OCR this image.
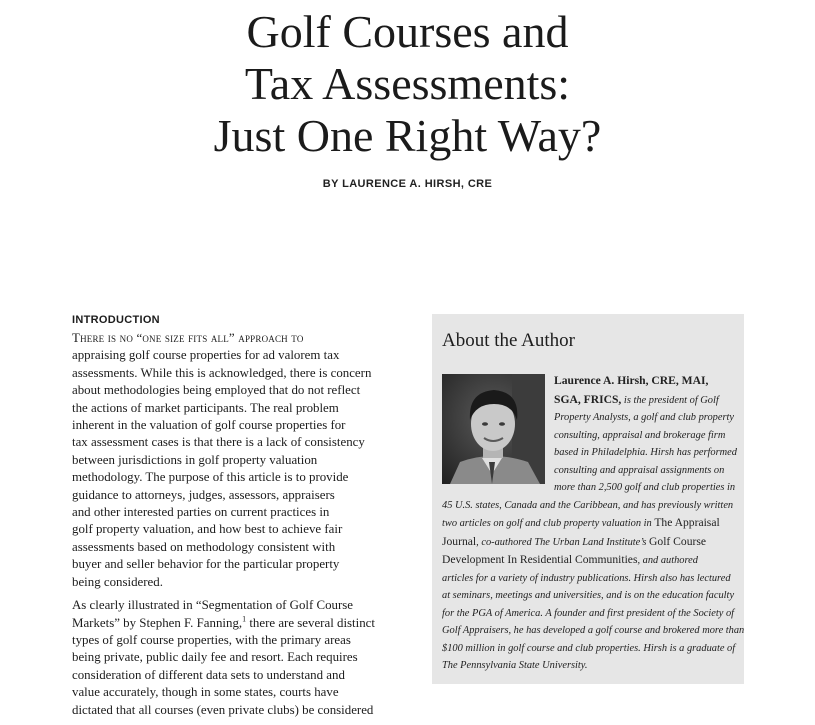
Golf Courses and
Tax Assessments:
Just One Right Way?
BY LAURENCE A. HIRSH, CRE
INTRODUCTION
There is no “one size fits all” approach to
appraising golf course properties for ad valorem tax
assessments. While this is acknowledged, there is concern
about methodologies being employed that do not reflect
the actions of market participants. The real problem
inherent in the valuation of golf course properties for
tax assessment cases is that there is a lack of consistency
between jurisdictions in golf property valuation
methodology. The purpose of this article is to provide
guidance to attorneys, judges, assessors, appraisers
and other interested parties on current practices in
golf property valuation, and how best to achieve fair
assessments based on methodology consistent with
buyer and seller behavior for the particular property
being considered.
As clearly illustrated in “Segmentation of Golf Course
Markets” by Stephen F. Fanning,$^1$ there are several distinct
types of golf course properties, with the primary areas
being private, public daily fee and resort. Each requires
consideration of different data sets to understand and
value accurately, though in some states, courts have
dictated that all courses (even private clubs) be considered
About the Author
Laurence A. Hirsh, CRE, MAI,
SGA, FRICS, is the president of Golf
Property Analysts, a golf and club property
consulting, appraisal and brokerage firm
based in Philadelphia. Hirsh has performed
consulting and appraisal assignments on
more than 2,500 golf and club properties in
45 U.S. states, Canada and the Caribbean, and has previously written
two articles on golf and club property valuation in The Appraisal
Journal, co-authored The Urban Land Institute’s Golf Course
Development In Residential Communities, and authored
articles for a variety of industry publications. Hirsh also has lectured
at seminars, meetings and universities, and is on the education faculty
for the PGA of America. A founder and first president of the Society of
Golf Appraisers, he has developed a golf course and brokered more than
$100 million in golf course and club properties. Hirsh is a graduate of
The Pennsylvania State University.
